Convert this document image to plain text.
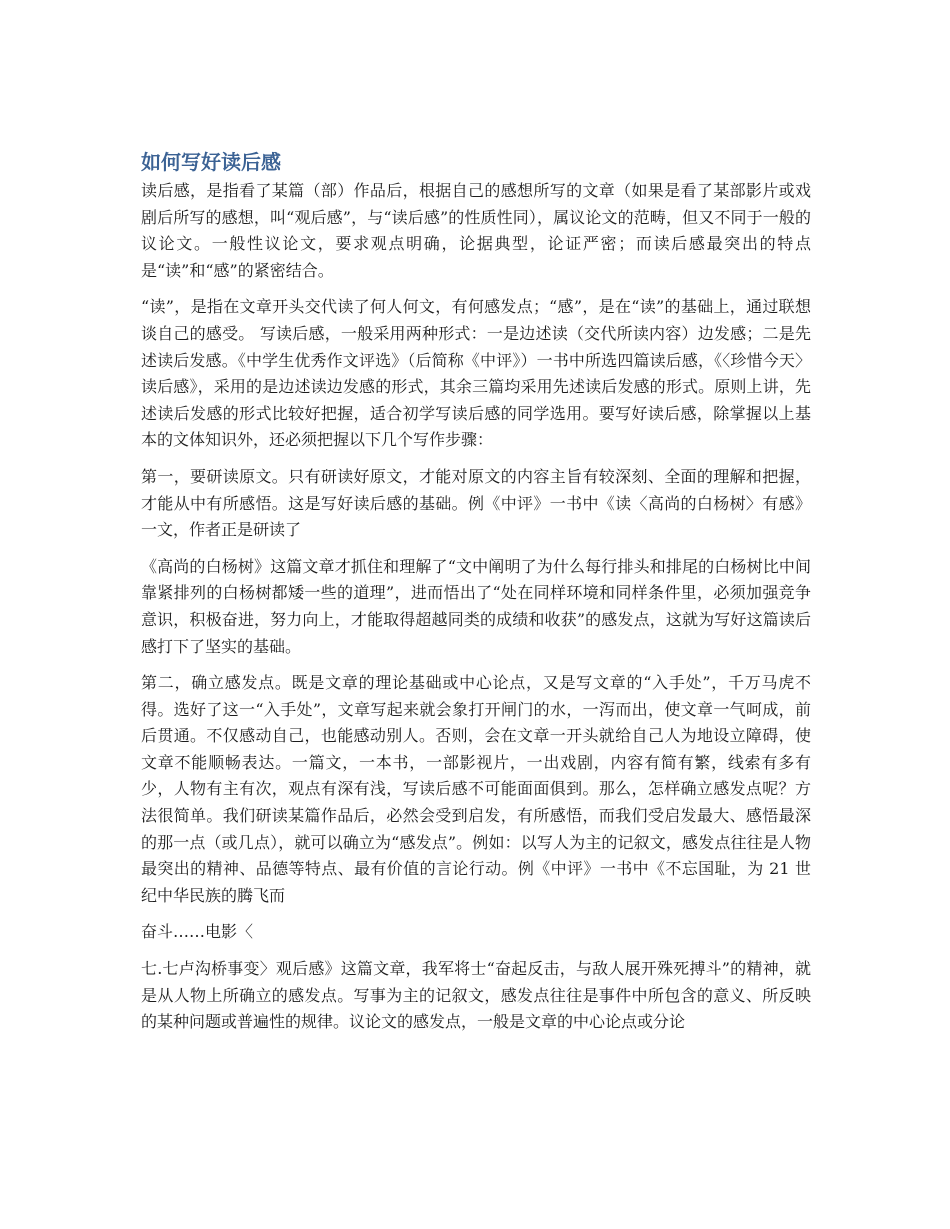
如何写好读后感

读后感，是指看了某篇（部）作品后，根据自己的感想所写的文章（如果是看了某部影片或戏剧后所写的感想，叫“观后感”，与“读后感”的性质性同），属议论文的范畴，但又不同于一般的议论文。一般性议论文，要求观点明确，论据典型，论证严密；而读后感最突出的特点是“读”和“感”的紧密结合。

“读”，是指在文章开头交代读了何人何文，有何感发点；“感”，是在“读”的基础上，通过联想谈自己的感受。 写读后感，一般采用两种形式：一是边述读（交代所读内容）边发感；二是先述读后发感。《中学生优秀作文评选》（后简称《中评》）一书中所选四篇读后感，《〈珍惜今天〉读后感》，采用的是边述读边发感的形式，其余三篇均采用先述读后发感的形式。原则上讲，先述读后发感的形式比较好把握，适合初学写读后感的同学选用。要写好读后感，除掌握以上基本的文体知识外，还必须把握以下几个写作步骤：

第一，要研读原文。只有研读好原文，才能对原文的内容主旨有较深刻、全面的理解和把握，才能从中有所感悟。这是写好读后感的基础。例《中评》一书中《读〈高尚的白杨树〉有感》一文，作者正是研读了

《高尚的白杨树》这篇文章才抓住和理解了“文中阐明了为什么每行排头和排尾的白杨树比中间靠紧排列的白杨树都矮一些的道理”，进而悟出了“处在同样环境和同样条件里，必须加强竞争意识，积极奋进，努力向上，才能取得超越同类的成绩和收获”的感发点，这就为写好这篇读后感打下了坚实的基础。

第二，确立感发点。既是文章的理论基础或中心论点，又是写文章的“入手处”，千万马虎不得。选好了这一“入手处”，文章写起来就会象打开闸门的水，一泻而出，使文章一气呵成，前后贯通。不仅感动自己，也能感动别人。否则，会在文章一开头就给自己人为地设立障碍，使文章不能顺畅表达。一篇文，一本书，一部影视片，一出戏剧，内容有简有繁，线索有多有少，人物有主有次，观点有深有浅，写读后感不可能面面俱到。那么，怎样确立感发点呢？方法很简单。我们研读某篇作品后，必然会受到启发，有所感悟，而我们受启发最大、感悟最深的那一点（或几点），就可以确立为“感发点”。例如：以写人为主的记叙文，感发点往往是人物最突出的精神、品德等特点、最有价值的言论行动。例《中评》一书中《不忘国耻，为 21 世纪中华民族的腾飞而

奋斗……电影〈

七.七卢沟桥事变〉观后感》这篇文章，我军将士“奋起反击，与敌人展开殊死搏斗”的精神，就是从人物上所确立的感发点。写事为主的记叙文，感发点往往是事件中所包含的意义、所反映的某种问题或普遍性的规律。议论文的感发点，一般是文章的中心论点或分论
